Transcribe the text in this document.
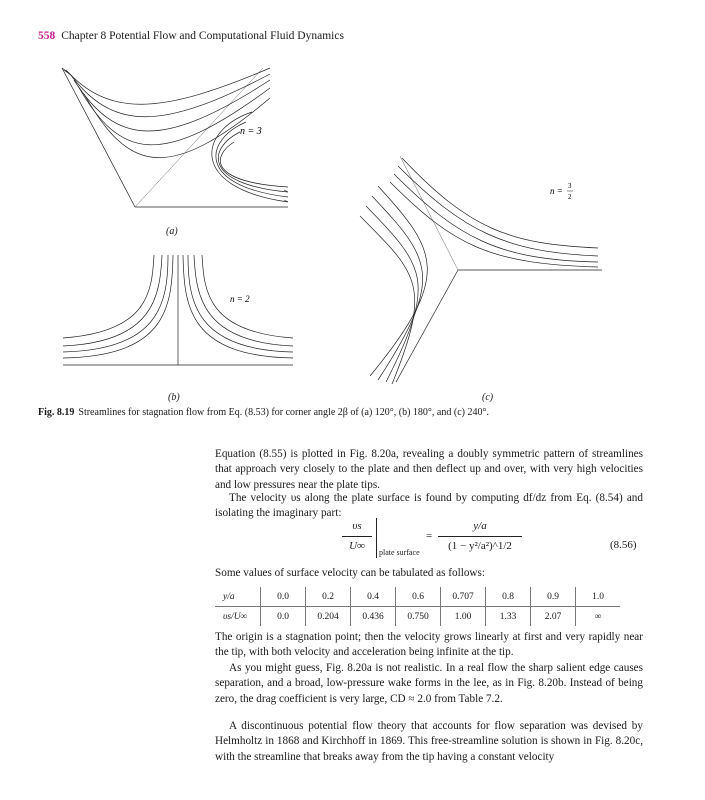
558 Chapter 8 Potential Flow and Computational Fluid Dynamics
n = 3
(a)
n = 2
(b)
n = 3
2
(c)
Fig. 8.19 Streamlines for stagnation flow from Eq. (8.53) for corner angle 2β of (a) 120°, (b) 180°, and (c) 240°.
Equation (8.55) is plotted in Fig. 8.20a, revealing a doubly symmetric pattern of streamlines that approach very closely to the plate and then deflect up and over, with very high velocities and low pressures near the plate tips.
The velocity υs along the plate surface is found by computing df/dz from Eq. (8.54) and isolating the imaginary part:
υs
U∞
plate surface
=
y/a
(1 − y²/a²)^1/2	(8.56)
Some values of surface velocity can be tabulated as follows:
y/a	0.0	0.2	0.4	0.6	0.707	0.8	0.9	1.0
υs/U∞	0.0	0.204	0.436	0.750	1.00	1.33	2.07	∞
The origin is a stagnation point; then the velocity grows linearly at first and very rapidly near the tip, with both velocity and acceleration being infinite at the tip.
As you might guess, Fig. 8.20a is not realistic. In a real flow the sharp salient edge causes separation, and a broad, low-pressure wake forms in the lee, as in Fig. 8.20b. Instead of being zero, the drag coefficient is very large, CD ≈ 2.0 from Table 7.2.
A discontinuous potential flow theory that accounts for flow separation was devised by Helmholtz in 1868 and Kirchhoff in 1869. This free-streamline solution is shown in Fig. 8.20c, with the streamline that breaks away from the tip having a constant velocity
